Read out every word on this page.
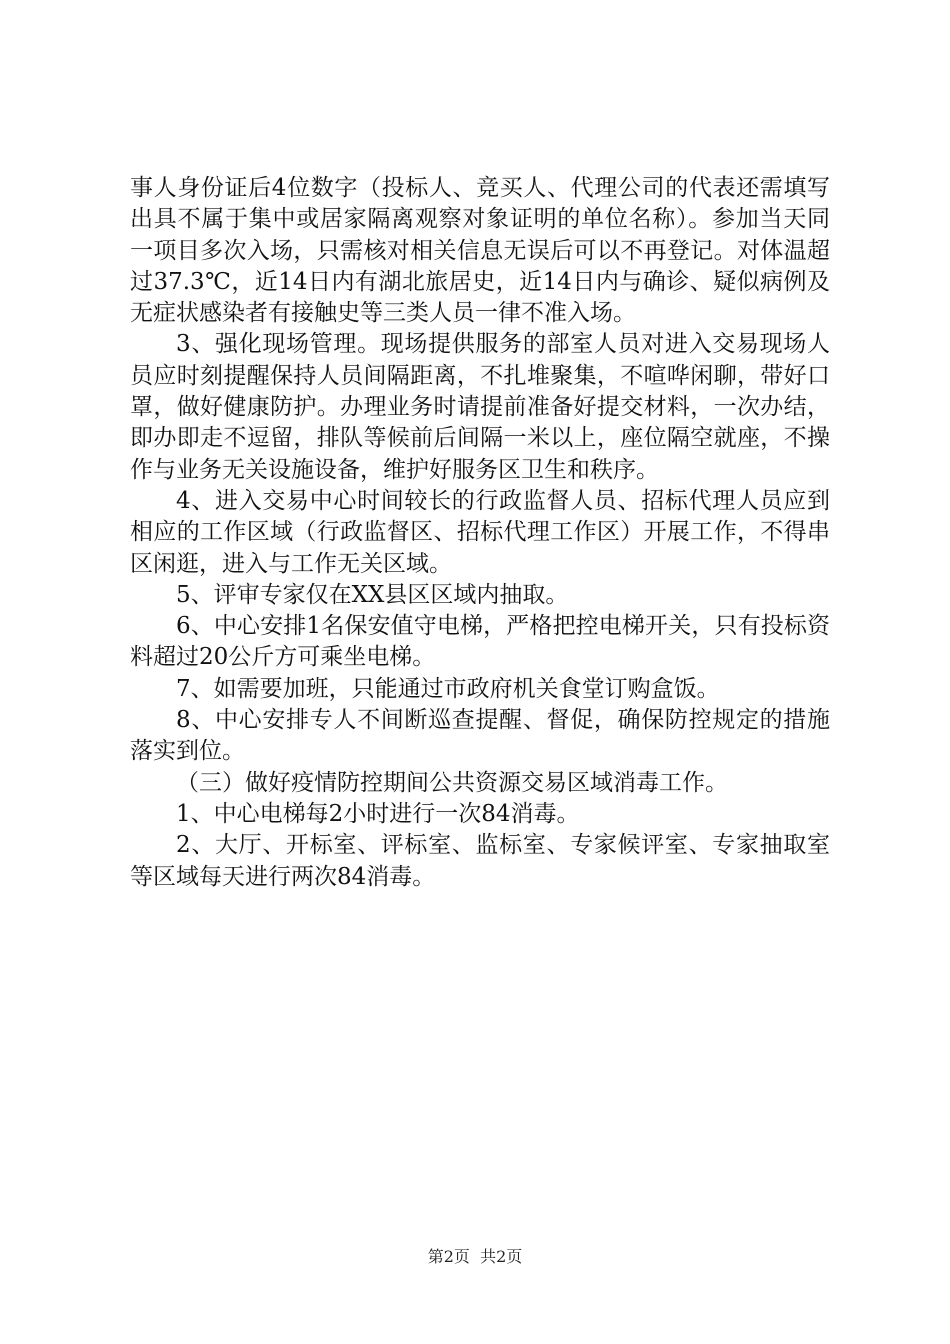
事人身份证后4位数字（投标人、竞买人、代理公司的代表还需填写出具不属于集中或居家隔离观察对象证明的单位名称）。参加当天同一项目多次入场，只需核对相关信息无误后可以不再登记。对体温超过37.3℃，近14日内有湖北旅居史，近14日内与确诊、疑似病例及无症状感染者有接触史等三类人员一律不准入场。

3、强化现场管理。现场提供服务的部室人员对进入交易现场人员应时刻提醒保持人员间隔距离，不扎堆聚集，不喧哗闲聊，带好口罩，做好健康防护。办理业务时请提前准备好提交材料，一次办结，即办即走不逗留，排队等候前后间隔一米以上，座位隔空就座，不操作与业务无关设施设备，维护好服务区卫生和秩序。

4、进入交易中心时间较长的行政监督人员、招标代理人员应到相应的工作区域（行政监督区、招标代理工作区）开展工作，不得串区闲逛，进入与工作无关区域。

5、评审专家仅在XX县区区域内抽取。

6、中心安排1名保安值守电梯，严格把控电梯开关，只有投标资料超过20公斤方可乘坐电梯。

7、如需要加班，只能通过市政府机关食堂订购盒饭。

8、中心安排专人不间断巡查提醒、督促，确保防控规定的措施落实到位。

（三）做好疫情防控期间公共资源交易区域消毒工作。

1、中心电梯每2小时进行一次84消毒。

2、大厅、开标室、评标室、监标室、专家候评室、专家抽取室等区域每天进行两次84消毒。

第2页  共2页
